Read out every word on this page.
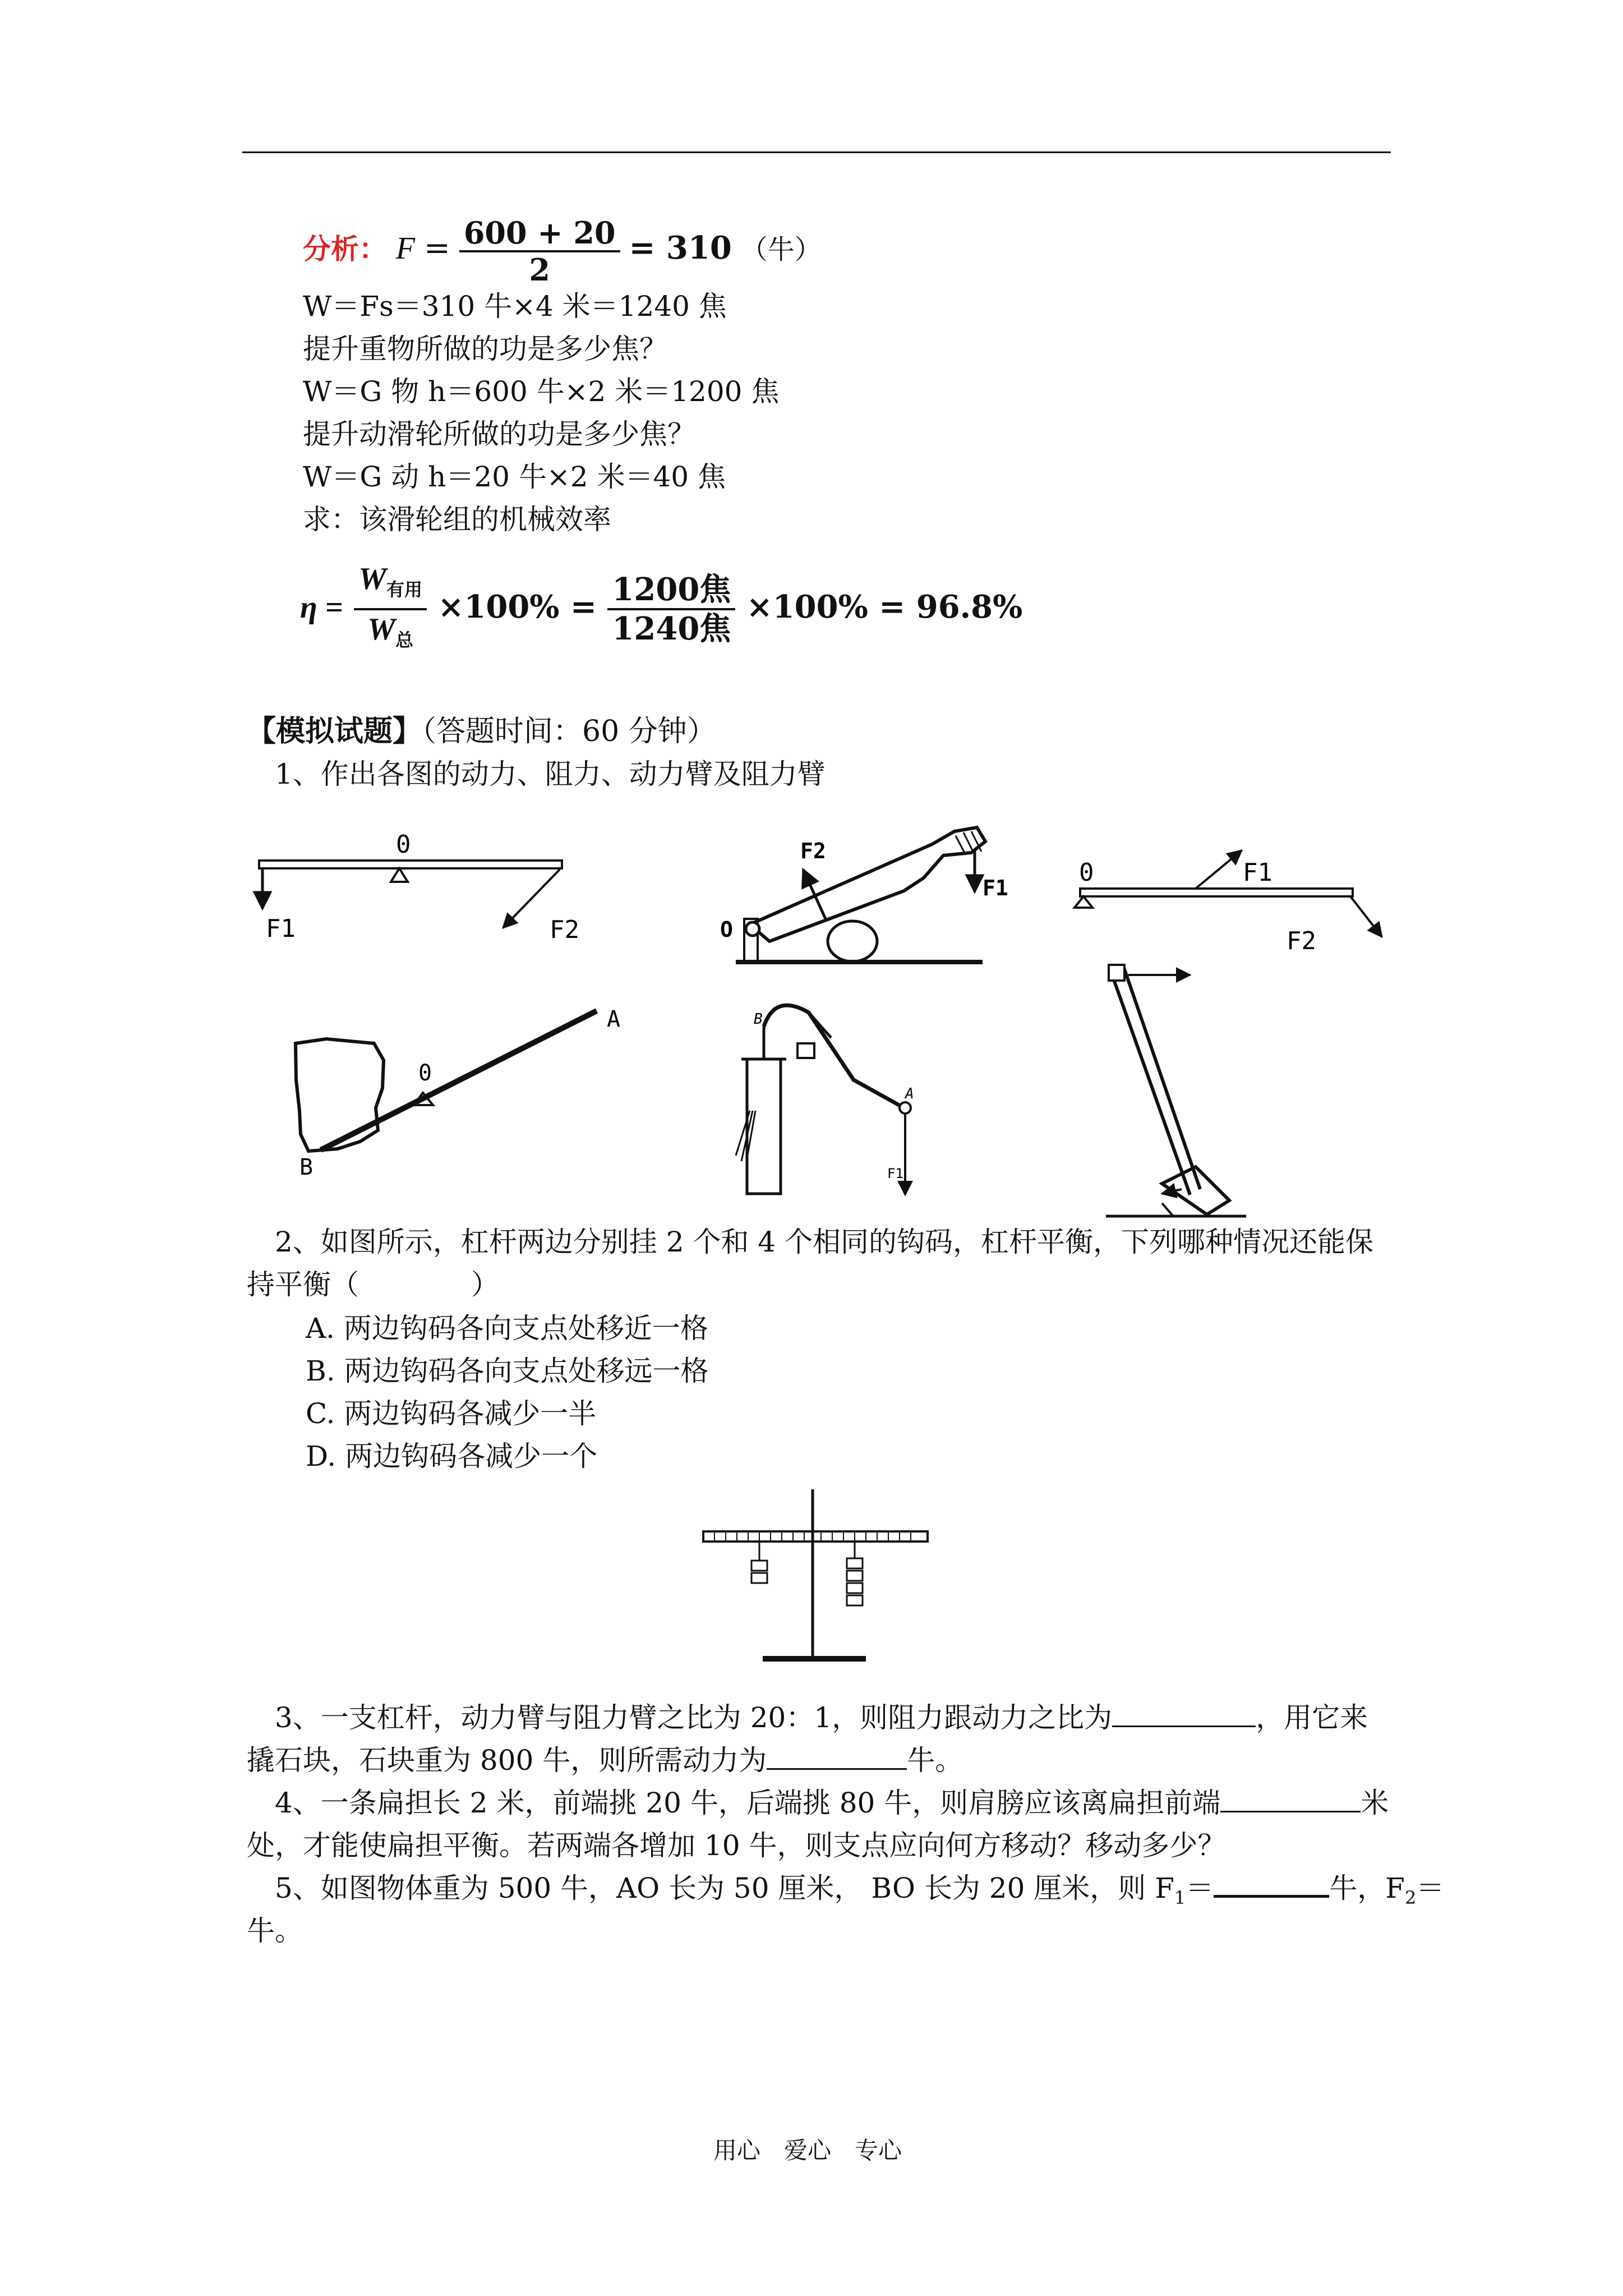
分析： $F = \frac{600 + 20}{2} = 310$ （牛）
W＝Fs＝310 牛×4 米＝1240 焦
提升重物所做的功是多少焦？
W＝G 物 h＝600 牛×2 米＝1200 焦
提升动滑轮所做的功是多少焦？
W＝G 动 h＝20 牛×2 米＝40 焦
求：该滑轮组的机械效率
$\eta = \frac{W_{有用}}{W_总} \times 100\% = \frac{\text{1200焦}}{\text{1240焦}} \times 100\% = 96.8\%$
【模拟试题】（答题时间：60 分钟）
1、作出各图的动力、阻力、动力臂及阻力臂
0
F1	F2
F2
F1
O
0	F1
F2
0
A
B
B
A
F1
2、如图所示，杠杆两边分别挂 2 个和 4 个相同的钩码，杠杆平衡，下列哪种情况还能保
持平衡（　　　　）
A. 两边钩码各向支点处移近一格
B. 两边钩码各向支点处移远一格
C. 两边钩码各减少一半
D. 两边钩码各减少一个
3、一支杠杆，动力臂与阻力臂之比为 20：1，则阻力跟动力之比为	，用它来
撬石块，石块重为 800 牛，则所需动力为	牛。
4、一条扁担长 2 米，前端挑 20 牛，后端挑 80 牛，则肩膀应该离扁担前端	米
处，才能使扁担平衡。若两端各增加 10 牛，则支点应向何方移动？移动多少？
5、如图物体重为 500 牛，AO 长为 50 厘米， BO 长为 20 厘米，则 $F_1=$	牛，$F_2=$
牛。
用心　爱心　专心
